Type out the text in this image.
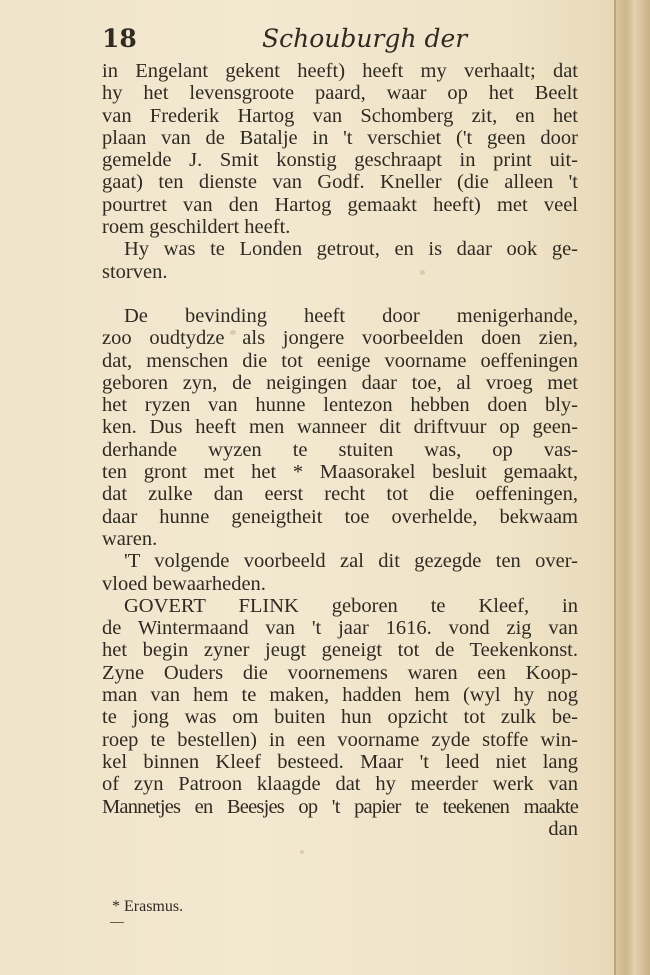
18	Schouburgh der
in Engelant gekent heeft) heeft my verhaalt; dat
hy het levensgroote paard, waar op het Beelt
van Frederik Hartog van Schomberg zit, en het
plaan van de Batalje in 't verschiet ('t geen door
gemelde J. Smit konstig geschraapt in print uit-
gaat) ten dienste van Godf. Kneller (die alleen 't
pourtret van den Hartog gemaakt heeft) met veel
roem geschildert heeft.
Hy was te Londen getrout, en is daar ook ge-
storven.
De bevinding heeft door menigerhande,
zoo oudtydze als jongere voorbeelden doen zien,
dat, menschen die tot eenige voorname oeffeningen
geboren zyn, de neigingen daar toe, al vroeg met
het ryzen van hunne lentezon hebben doen bly-
ken. Dus heeft men wanneer dit driftvuur op geen-
derhande wyzen te stuiten was, op vas-
ten gront met het * Maasorakel besluit gemaakt,
dat zulke dan eerst recht tot die oeffeningen,
daar hunne geneigtheit toe overhelde, bekwaam
waren.
'T volgende voorbeeld zal dit gezegde ten over-
vloed bewaarheden.
GOVERT FLINK geboren te Kleef, in
de Wintermaand van 't jaar 1616. vond zig van
het begin zyner jeugt geneigt tot de Teekenkonst.
Zyne Ouders die voornemens waren een Koop-
man van hem te maken, hadden hem (wyl hy nog
te jong was om buiten hun opzicht tot zulk be-
roep te bestellen) in een voorname zyde stoffe win-
kel binnen Kleef besteed. Maar 't leed niet lang
of zyn Patroon klaagde dat hy meerder werk van
Mannetjes en Beesjes op 't papier te teekenen maakte
dan
* Erasmus.
